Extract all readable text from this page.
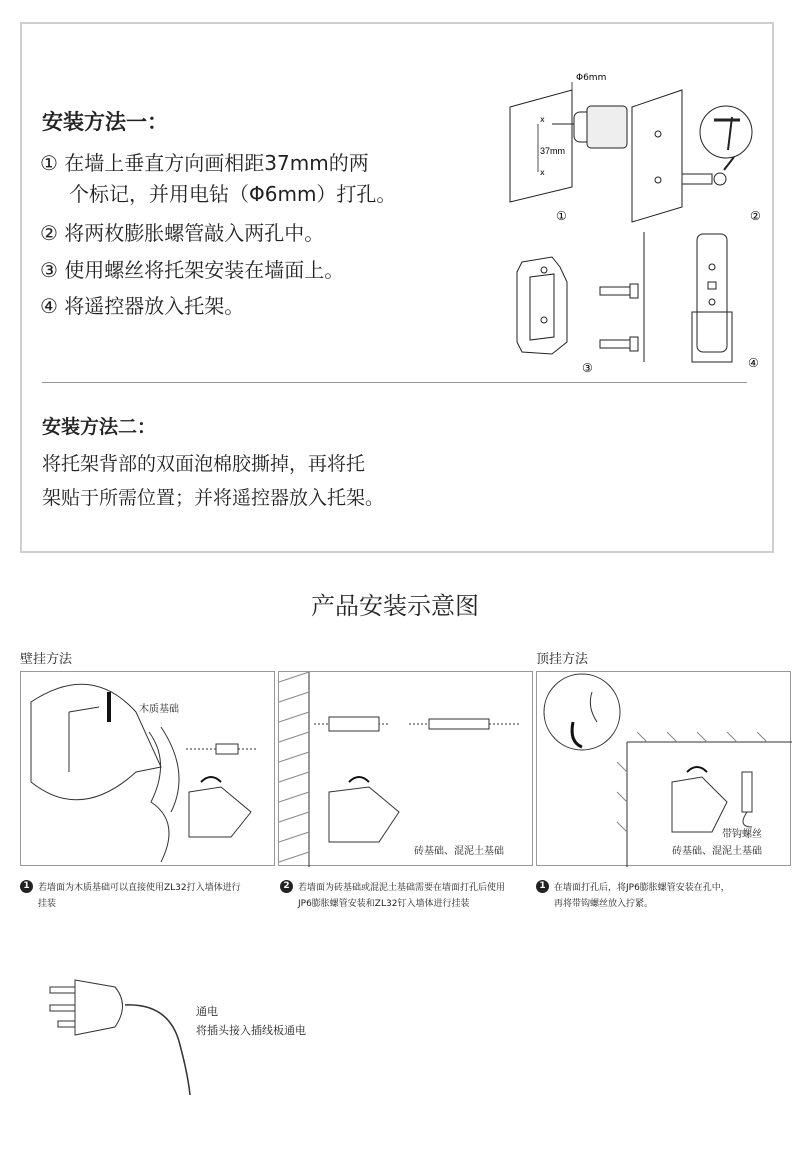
安装方法一：
① 在墙上垂直方向画相距37mm的两
个标记，并用电钻（Φ6mm）打孔。
② 将两枚膨胀螺管敲入两孔中。
③ 使用螺丝将托架安装在墙面上。
④ 将遥控器放入托架。
37mm
x
x
Φ6mm
①	②
③	④
安装方法二：
将托架背部的双面泡棉胶撕掉，再将托
架贴于所需位置；并将遥控器放入托架。
产品安装示意图
壁挂方法	顶挂方法
木质基础
砖基础、混泥土基础
带钩螺丝
砖基础、混泥土基础
1 若墙面为木质基础可以直接使用ZL32打入墙体进行
挂装
2 若墙面为砖基础或混泥土基础需要在墙面打孔后使用
JP6膨胀螺管安装和ZL32钉入墙体进行挂装
1 在墙面打孔后，将JP6膨胀螺管安装在孔中，
再将带钩螺丝放入拧紧。
通电
将插头接入插线板通电
